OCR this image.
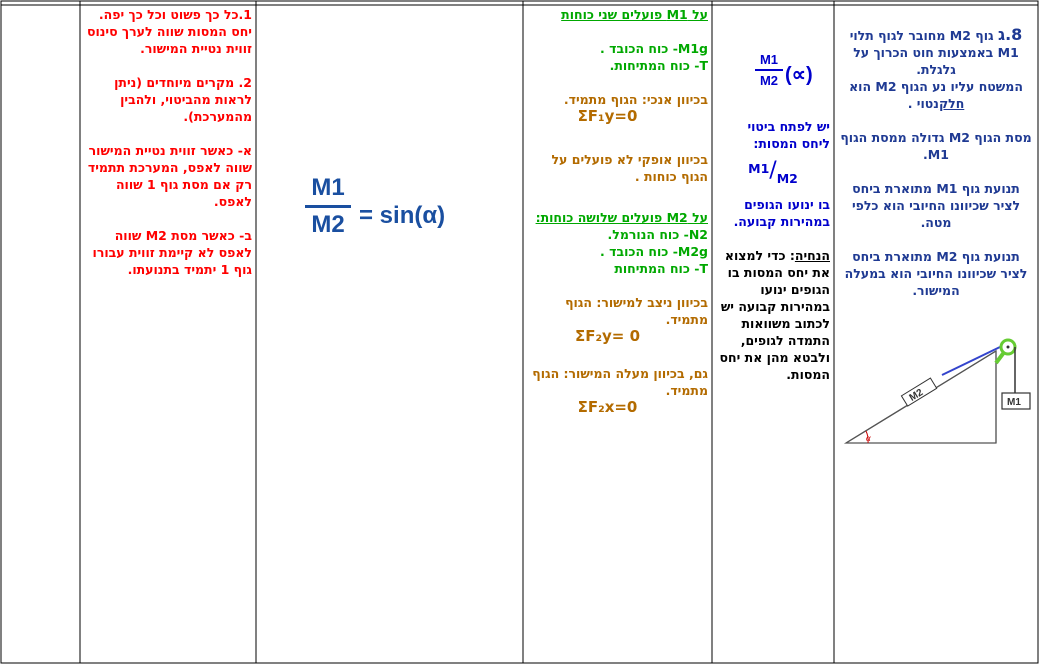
1.כל כך פשוט וכל כך יפה. יחס המסות שווה לערך סינוס זווית נטיית המישור.

2. מקרים מיוחדים (ניתן לראות מהביטוי, ולהבין מהמערכת).

א- כאשר זווית נטיית המישור שווה לאפס, המערכת תתמיד רק אם מסת גוף 1 שווה לאפס.

ב- כאשר מסת M2 שווה לאפס לא קיימת זווית עבורו גוף 1 יתמיד בתנועתו.

M1
M2 = sin(α)
על M1 פועלים שני כוחות
M1g- כוח הכובד .
T- כוח המתיחות.
בכיוון אנכי: הגוף מתמיד.
ΣF₁y=0
בכיוון אופקי לא פועלים על הגוף כוחות .
על M2 פועלים שלושה כוחות:
N2- כוח הנורמל.
M2g- כוח הכובד .
T- כוח המתיחות
בכיוון ניצב למישור: הגוף מתמיד.
ΣF₂y= 0
גם, בכיוון מעלה המישור: הגוף מתמיד.
ΣF₂x=0
M1
M2 (∝)
יש לפתח ביטוי ליחס המסות:
M1/M2
בו ינועו הגופים במהירות קבועה.
הנחיה: כדי למצוא את יחס המסות בו הגופים ינועו במהירות קבועה יש לכתוב משוואות התמדה לגופים, ולבטא מהן את יחס המסות.
8.ג גוף M2 מחובר לגוף תלוי M1 באמצעות חוט הכרוך על גלגלת.
המשטח עליו נע הגוף M2 הוא חלקנטוי .
מסת הגוף M2 גדולה ממסת הגוף M1.
תנועת גוף M1 מתוארת ביחס לציר שכיוונו החיובי הוא כלפי מטה.
תנועת גוף M2 מתוארת ביחס לציר שכיוונו החיובי הוא במעלה המישור.
α
M2	M1
